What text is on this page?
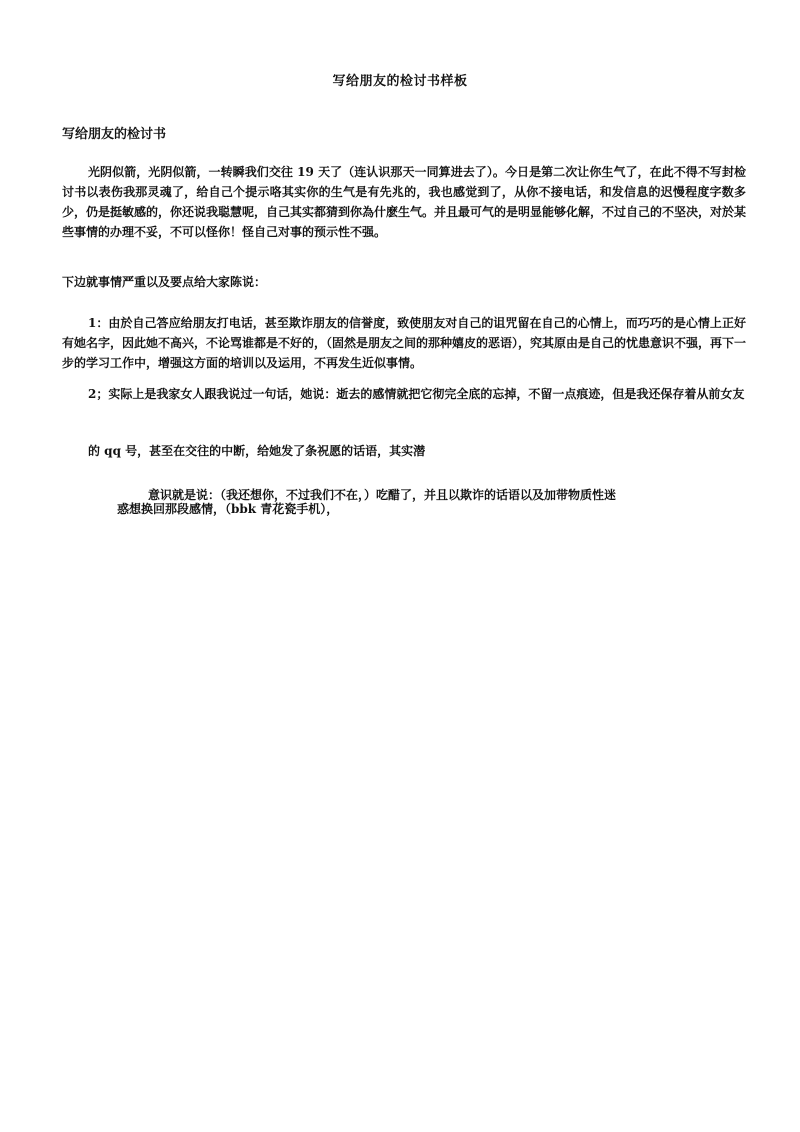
写给朋友的检讨书样板
写给朋友的检讨书
光阴似箭，光阴似箭，一转瞬我们交往 19 天了（连认识那天一同算进去了）。今日是第二次让你生气了，在此不得不写封检讨书以表伤我那灵魂了，给自己个提示咯其实你的生气是有先兆的，我也感觉到了，从你不接电话，和发信息的迟慢程度字数多少，仍是挺敏感的，你还说我聪慧呢，自己其实都猜到你為什麽生气。并且最可气的是明显能够化解，不过自己的不坚决，对於某些事情的办理不妥，不可以怪你！怪自己对事的预示性不强。
下边就事情严重以及要点给大家陈说：
1：由於自己答应给朋友打电话，甚至欺诈朋友的信誉度，致使朋友对自己的诅咒留在自己的心情上，而巧巧的是心情上正好有她名字，因此她不高兴，不论骂谁都是不好的，（固然是朋友之间的那种嬉皮的恶语），究其原由是自己的忧患意识不强，再下一步的学习工作中，增强这方面的培训以及运用，不再发生近似事情。
2；实际上是我家女人跟我说过一句话，她说：逝去的感情就把它彻完全底的忘掉，不留一点痕迹，但是我还保存着从前女友
的 qq 号，甚至在交往的中断，给她发了条祝愿的话语，其实潜
意识就是说：（我还想你，不过我们不在，）吃醋了，并且以欺诈的话语以及加带物质性迷
惑想换回那段感情，（bbk 青花瓷手机），
